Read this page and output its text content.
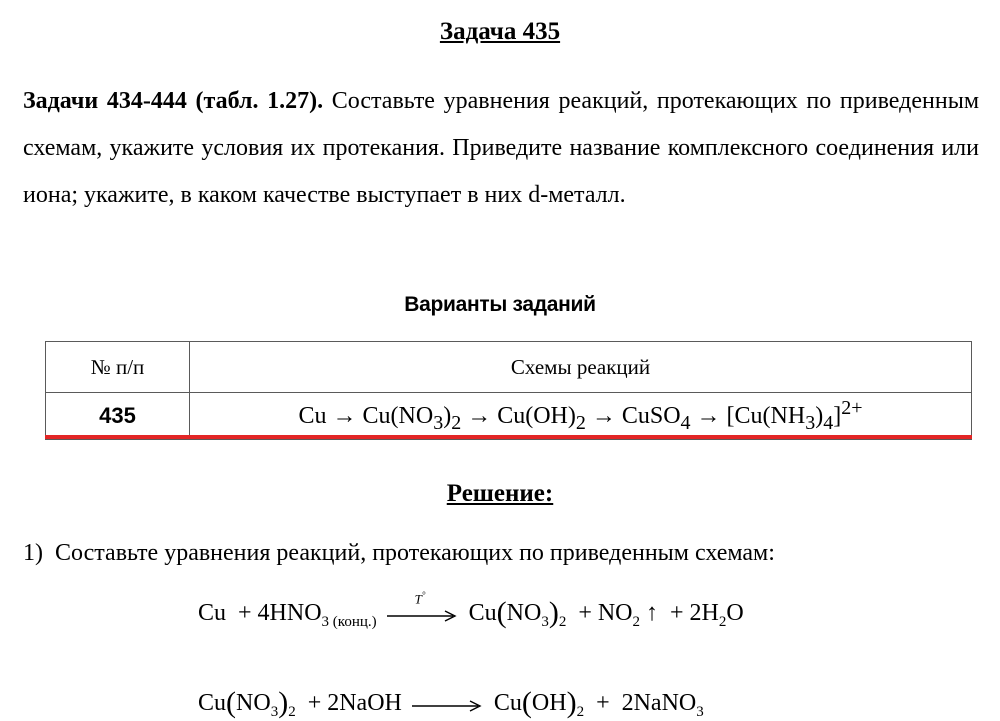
Задача 435
Задачи 434-444 (табл. 1.27). Составьте уравнения реакций, протекающих по приведенным схемам, укажите условия их протекания. Приведите название комплексного соединения или иона; укажите, в каком качестве выступает в них d-металл.
Варианты заданий
№ п/п	Схемы реакций
435	$Cu \to Cu(NO_3)_2 \to Cu(OH)_2$ → CuSO$_4$ → $[Cu(NH_3)_4]^{2+}$
Решение:
1) Составьте уравнения реакций, протекающих по приведенным схемам:
$Cu + 4HNO_{3 (конц.)}$
T°
$Cu(NO_3)_2 + NO_2$ ↑  + $2H_2O$
$Cu(NO_3)_2$  + 2NaOH → $Cu(OH)_2$  +  2NaNO$_3$
